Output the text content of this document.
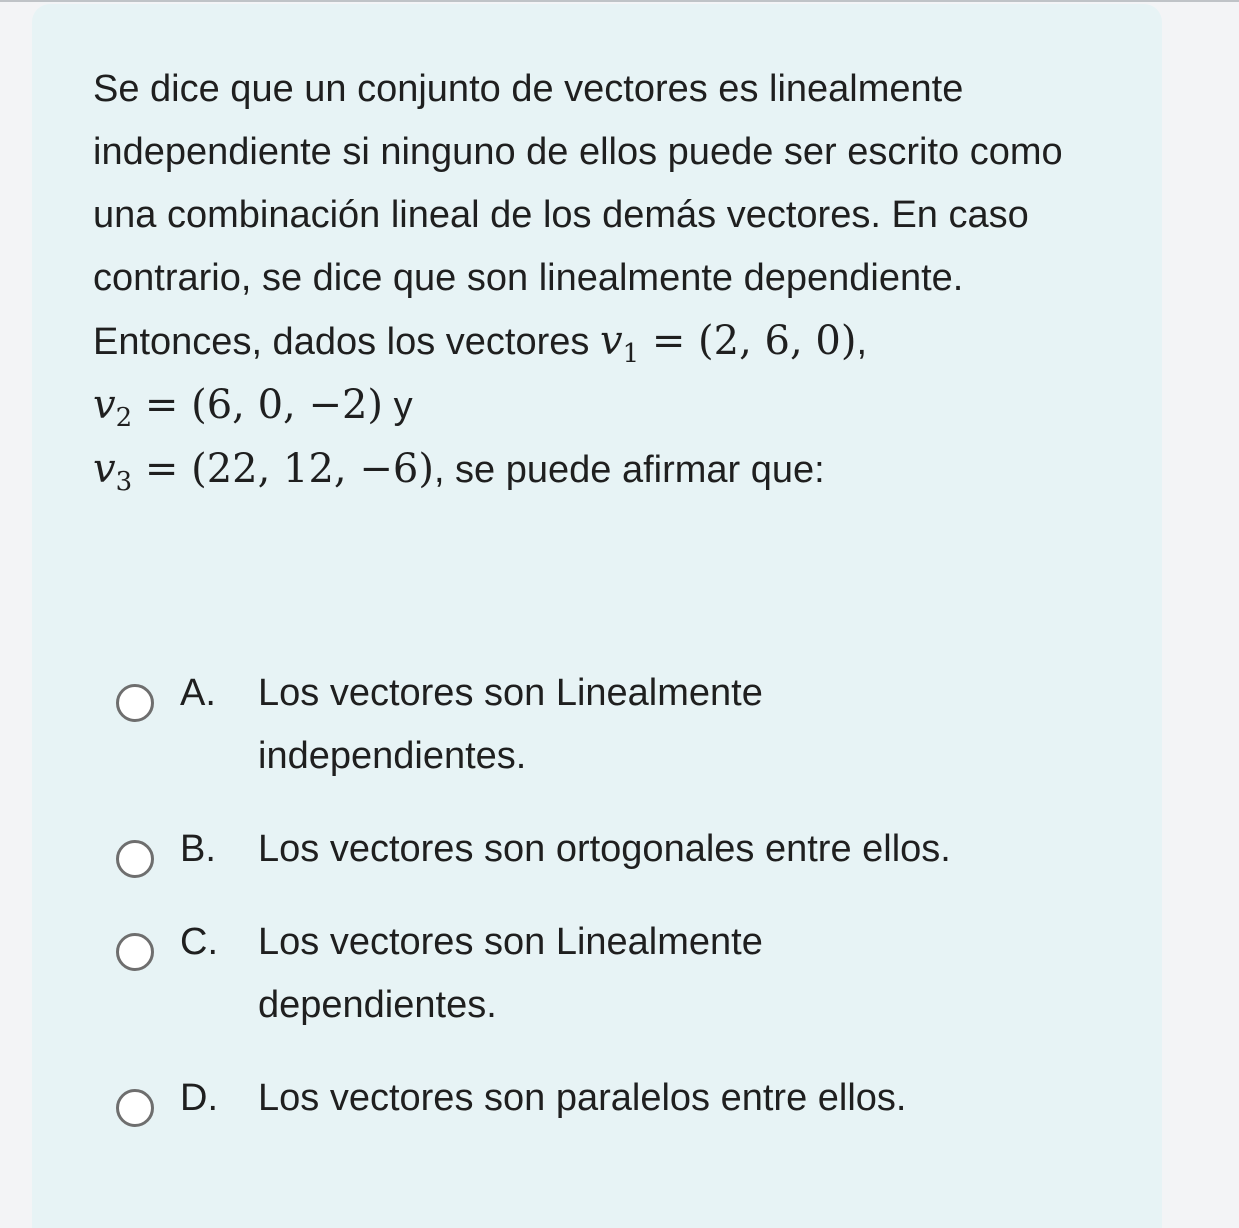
Se dice que un conjunto de vectores es linealmente independiente si ninguno de ellos puede ser escrito como una combinación lineal de los demás vectores. En caso contrario, se dice que son linealmente dependiente. Entonces, dados los vectores $v_1 = (2$, 6, 0), $v_2 = (6$, 0, −2) y
$v_3 = (22$, 12, −6), se puede afirmar que:

A.	Los vectores son Linealmente independientes.
B.	Los vectores son ortogonales entre ellos.
C.	Los vectores son Linealmente dependientes.
D.	Los vectores son paralelos entre ellos.
